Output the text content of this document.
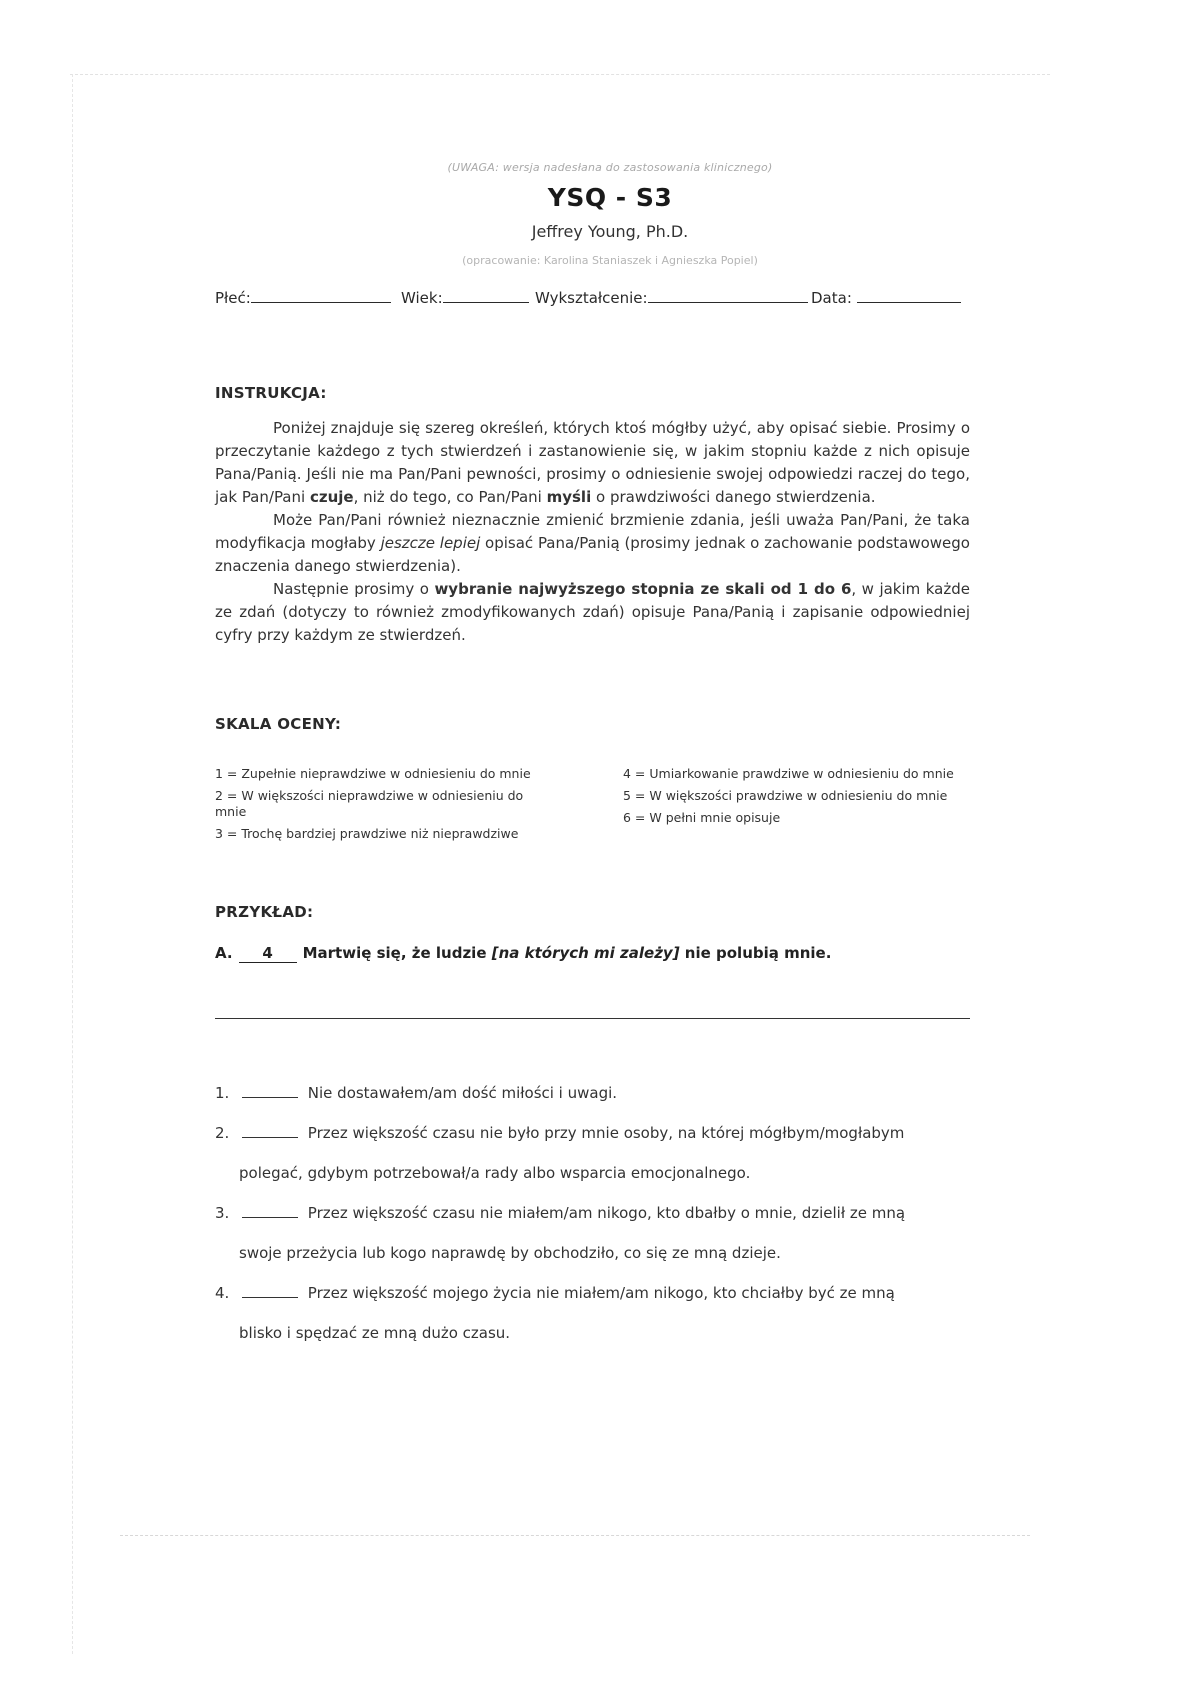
(UWAGA: wersja nadesłana do zastosowania klinicznego)
YSQ - S3
Jeffrey Young, Ph.D.
(opracowanie: Karolina Staniaszek i Agnieszka Popiel)
Płeć:	Wiek:	Wykształcenie:	Data:
INSTRUKCJA:

Poniżej znajduje się szereg określeń, których ktoś mógłby użyć, aby opisać siebie. Prosimy o przeczytanie każdego z tych stwierdzeń i zastanowienie się, w jakim stopniu każde z nich opisuje Pana/Panią. Jeśli nie ma Pan/Pani pewności, prosimy o odniesienie swojej odpowiedzi raczej do tego, jak Pan/Pani czuje, niż do tego, co Pan/Pani myśli o prawdziwości danego stwierdzenia.

Może Pan/Pani również nieznacznie zmienić brzmienie zdania, jeśli uważa Pan/Pani, że taka modyfikacja mogłaby jeszcze lepiej opisać Pana/Panią (prosimy jednak o zachowanie podstawowego znaczenia danego stwierdzenia).

Następnie prosimy o wybranie najwyższego stopnia ze skali od 1 do 6, w jakim każde ze zdań (dotyczy to również zmodyfikowanych zdań) opisuje Pana/Panią i zapisanie odpowiedniej cyfry przy każdym ze stwierdzeń.

SKALA OCENY:
1 = Zupełnie nieprawdziwe w odniesieniu do mnie
2 = W większości nieprawdziwe w odniesieniu do mnie
3 = Trochę bardziej prawdziwe niż nieprawdziwe
4 = Umiarkowanie prawdziwe w odniesieniu do mnie
5 = W większości prawdziwe w odniesieniu do mnie
6 = W pełni mnie opisuje
PRZYKŁAD:
A. 4 Martwię się, że ludzie [na których mi zależy] nie polubią mnie.
1.	Nie dostawałem/am dość miłości i uwagi.
2.	Przez większość czasu nie było przy mnie osoby, na której mógłbym/mogłabym
polegać, gdybym potrzebował/a rady albo wsparcia emocjonalnego.
3.	Przez większość czasu nie miałem/am nikogo, kto dbałby o mnie, dzielił ze mną
swoje przeżycia lub kogo naprawdę by obchodziło, co się ze mną dzieje.
4.	Przez większość mojego życia nie miałem/am nikogo, kto chciałby być ze mną
blisko i spędzać ze mną dużo czasu.
